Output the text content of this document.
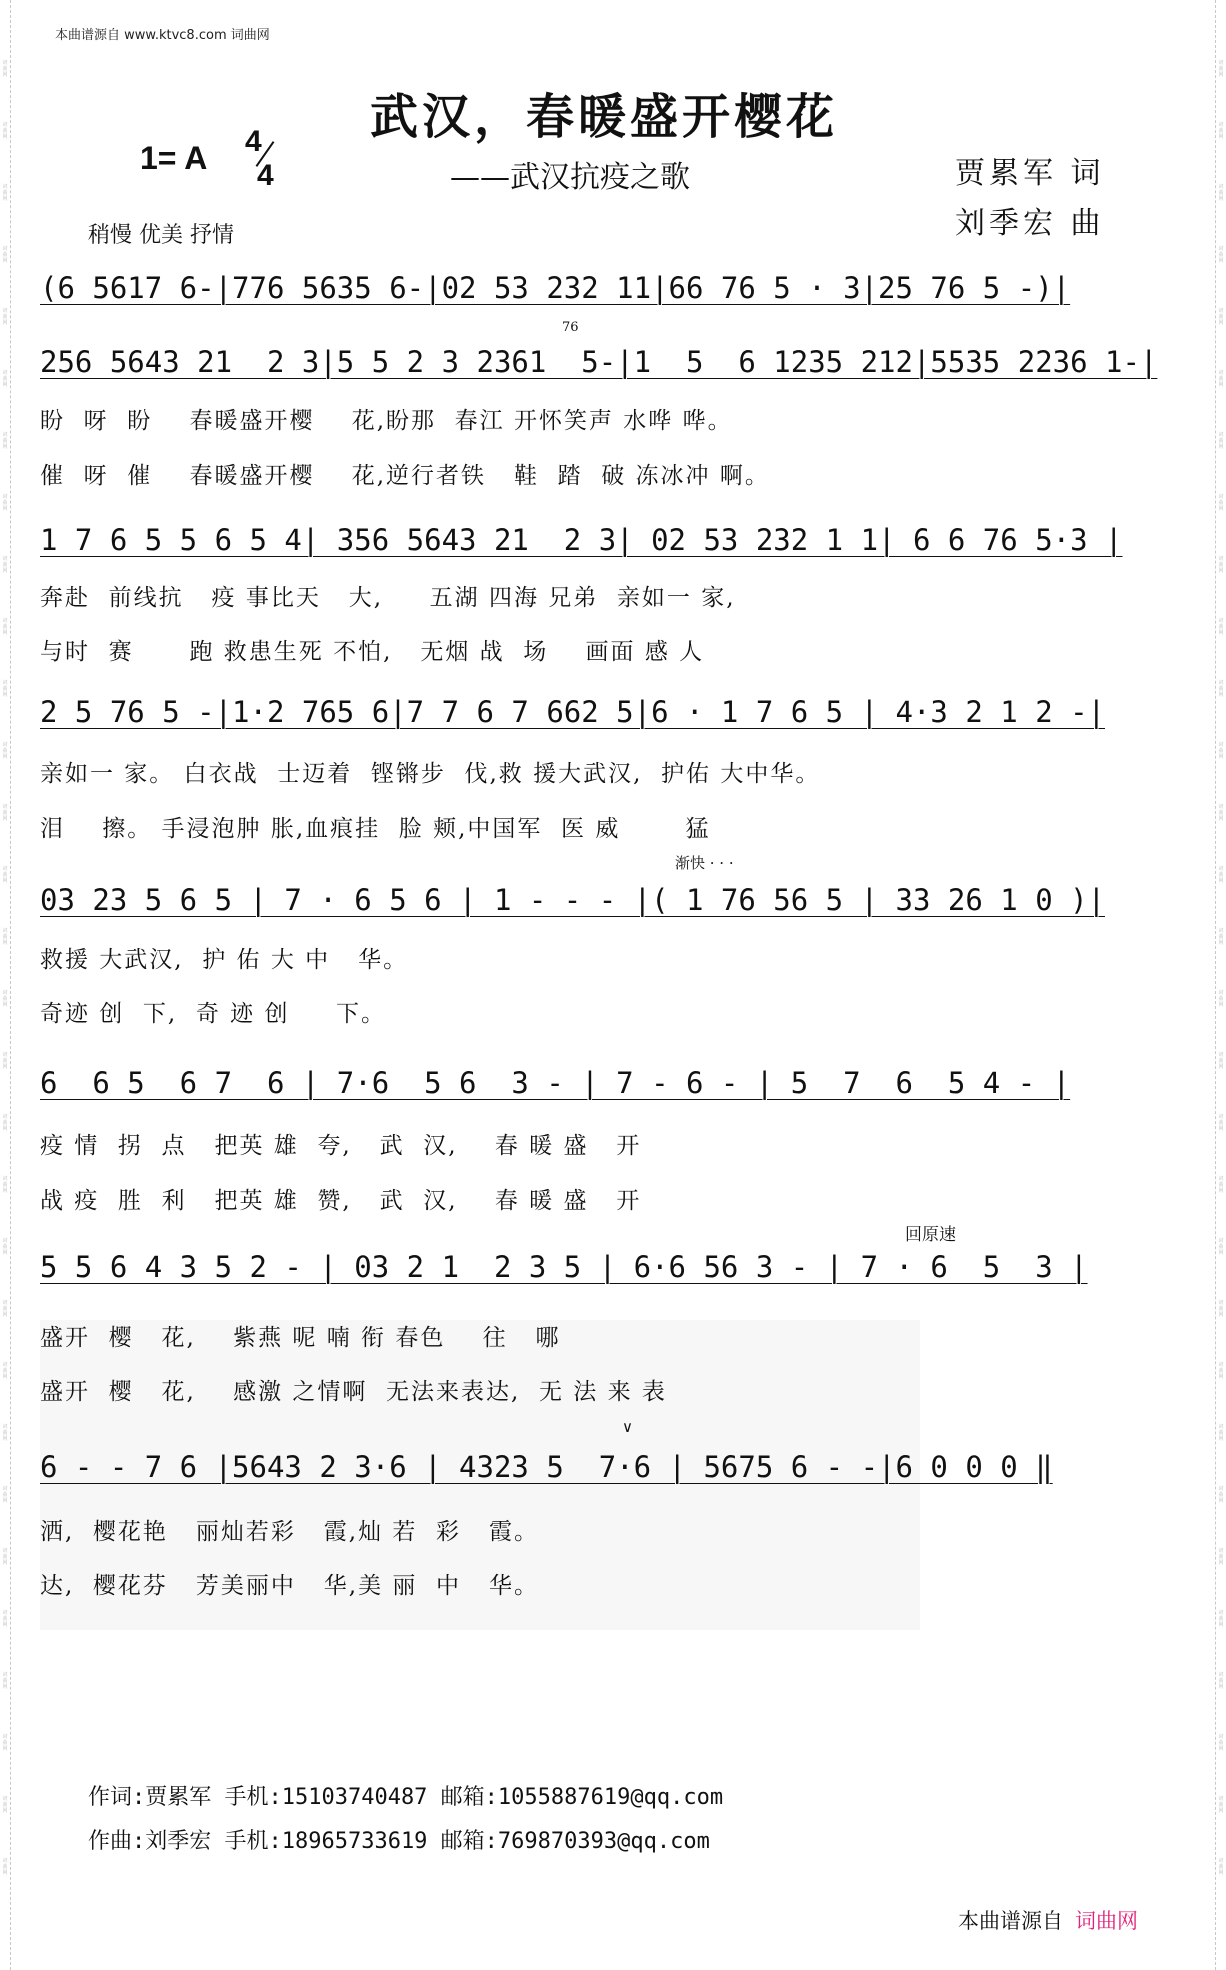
词曲网
词曲网
词曲网
词曲网
词曲网
词曲网
词曲网
词曲网
词曲网
词曲网
词曲网
词曲网
词曲网
词曲网
词曲网
词曲网
词曲网
词曲网
词曲网
词曲网
词曲网
词曲网
词曲网
词曲网
词曲网
词曲网
词曲网
词曲网
词曲网
词曲网
词曲网
词曲网
词曲网
词曲网
词曲网
词曲网
词曲网
词曲网
词曲网
词曲网
词曲网
词曲网
词曲网
词曲网
词曲网
词曲网
词曲网
词曲网
词曲网
词曲网
词曲网
词曲网
词曲网
词曲网
词曲网
词曲网
词曲网
词曲网
词曲网
词曲网
本曲谱源自 www.ktvc8.com 词曲网
武汉，春暖盛开樱花
——武汉抗疫之歌
1= A 4
4	贾累军 词
刘季宏 曲
稍慢 优美 抒情
76
渐快 · · ·
回原速
∨
(6 5617 6-|776 5635 6-|02 53 232 11|66 76 5 · 3|25 76 5 -)|
256 5643 21  2 3|5 5 2 3 2361  5-|1  5  6 1235 212|5535 2236 1-|
盼  呀  盼    春暖盛开樱    花,盼那  春江 开怀笑声 水哗 哗。
催  呀  催    春暖盛开樱    花,逆行者铁   鞋  踏  破 冻冰冲 啊。
1 7 6 5 5 6 5 4| 356 5643 21  2 3| 02 53 232 1 1| 6 6 76 5·3 |
奔赴  前线抗   疫 事比天   大,     五湖 四海 兄弟  亲如一 家,
与时  赛      跑 救患生死 不怕,   无烟 战  场    画面 感 人
2 5 76 5 -|1·2 765 6|7 7 6 7 662 5|6 · 1 7 6 5 | 4·3 2 1 2 -|
亲如一 家。 白衣战  士迈着  铿锵步  伐,救 援大武汉,  护佑 大中华。
泪    擦。 手浸泡肿 胀,血痕挂  脸 颊,中国军  医 威       猛
03 23 5 6 5 | 7 · 6 5 6 | 1 - - - |( 1 76 56 5 | 33 26 1 0 )|
救援 大武汉,  护 佑 大 中   华。
奇迹 创  下,  奇 迹 创     下。
6  6 5  6 7  6 | 7·6  5 6  3 - | 7 - 6 - | 5  7  6  5 4 - |
疫 情  拐  点   把英 雄  夸,   武  汉,    春 暖 盛   开
战 疫  胜  利   把英 雄  赞,   武  汉,    春 暖 盛   开
5 5 6 4 3 5 2 - | 03 2 1  2 3 5 | 6·6 56 3 - | 7 · 6  5  3 |
盛开  樱   花,    紫燕 呢 喃 衔 春色    往   哪
盛开  樱   花,    感激 之情啊  无法来表达,  无 法 来 表
6 - - 7 6 |5643 2 3·6 | 4323 5  7·6 | 5675 6 - -|6 0 0 0 ‖
洒,  樱花艳   丽灿若彩   霞,灿 若  彩   霞。
达,  樱花芬   芳美丽中   华,美 丽  中   华。
作词:贾累军 手机:15103740487 邮箱:1055887619@qq.com
作曲:刘季宏 手机:18965733619 邮箱:769870393@qq.com
本曲谱源自 词曲网
